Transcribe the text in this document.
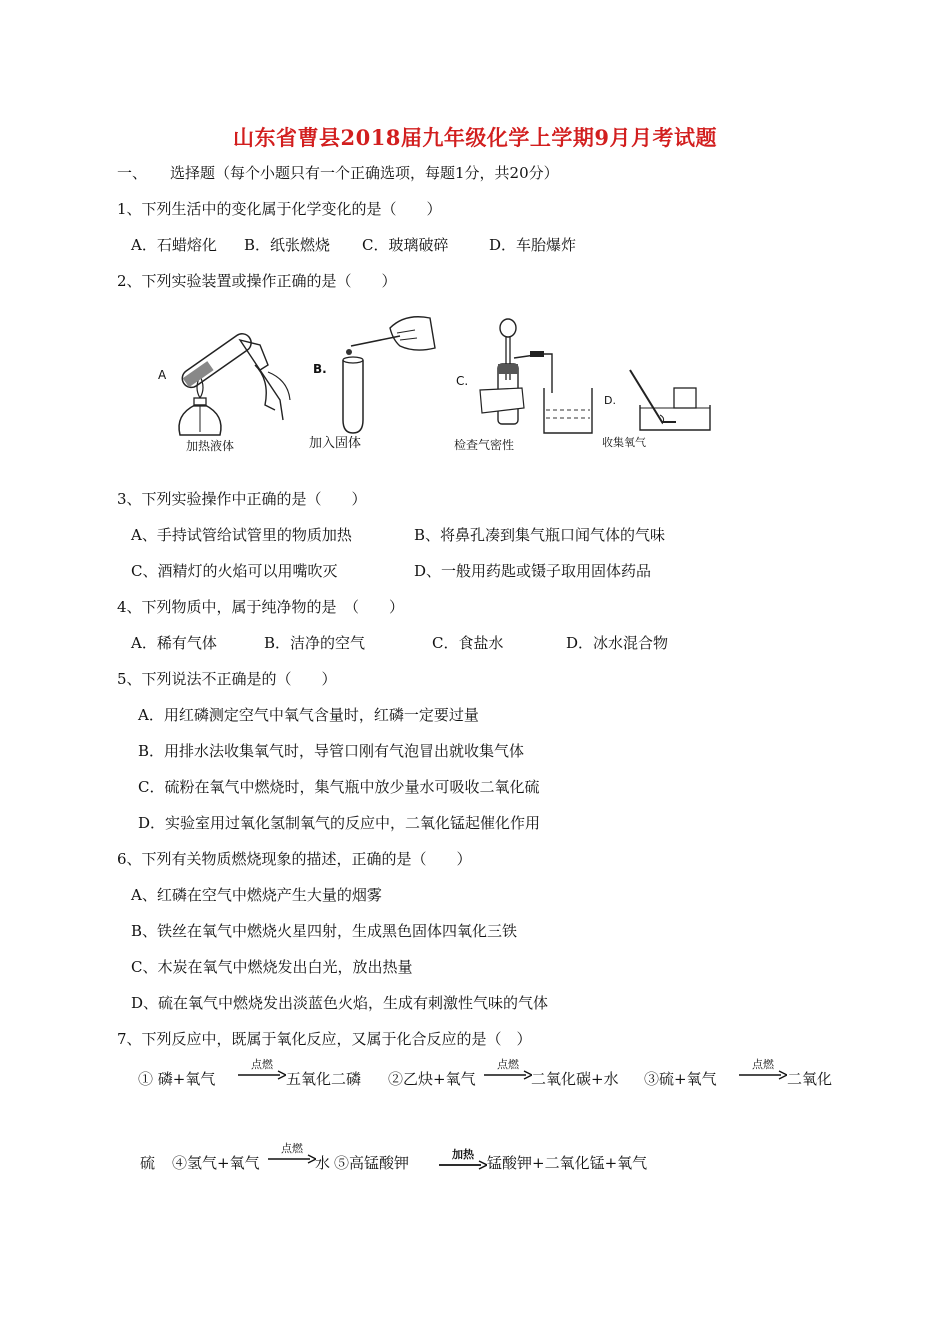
山东省曹县2018届九年级化学上学期9月月考试题
一、 选择题（每个小题只有一个正确选项，每题1分，共20分）
1、下列生活中的变化属于化学变化的是（　　）
A．石蜡熔化 B．纸张燃烧 C．玻璃破碎	D．车胎爆炸
2、下列实验装置或操作正确的是（　　）
A
加热液体
B.
加入固体
C.
检查气密性
D.
收集氧气
3、下列实验操作中正确的是（　　）
A、手持试管给试管里的物质加热	B、将鼻孔凑到集气瓶口闻气体的气味
C、酒精灯的火焰可以用嘴吹灭	D、一般用药匙或镊子取用固体药品
4、下列物质中，属于纯净物的是　（　　）
A．稀有气体	B．洁净的空气	C．食盐水	D．冰水混合物
5、下列说法不正确是的（　　）
A．用红磷测定空气中氧气含量时，红磷一定要过量
B．用排水法收集氧气时，导管口刚有气泡冒出就收集气体
C．硫粉在氧气中燃烧时，集气瓶中放少量水可吸收二氧化硫
D．实验室用过氧化氢制氧气的反应中，二氧化锰起催化作用
6、下列有关物质燃烧现象的描述，正确的是（　　）
A、红磷在空气中燃烧产生大量的烟雾
B、铁丝在氧气中燃烧火星四射，生成黑色固体四氧化三铁
C、木炭在氧气中燃烧发出白光，放出热量
D、硫在氧气中燃烧发出淡蓝色火焰，生成有刺激性气味的气体
7、下列反应中，既属于氧化反应，又属于化合反应的是（　）
① 磷+氧气
点燃
五氧化二磷 ②乙炔+氧气
点燃
二氧化碳+水 ③硫+氧气
点燃
二氧化
硫 ④氢气+氧气
点燃
水 ⑤高锰酸钾	加热 锰酸钾+二氧化锰+氧气
